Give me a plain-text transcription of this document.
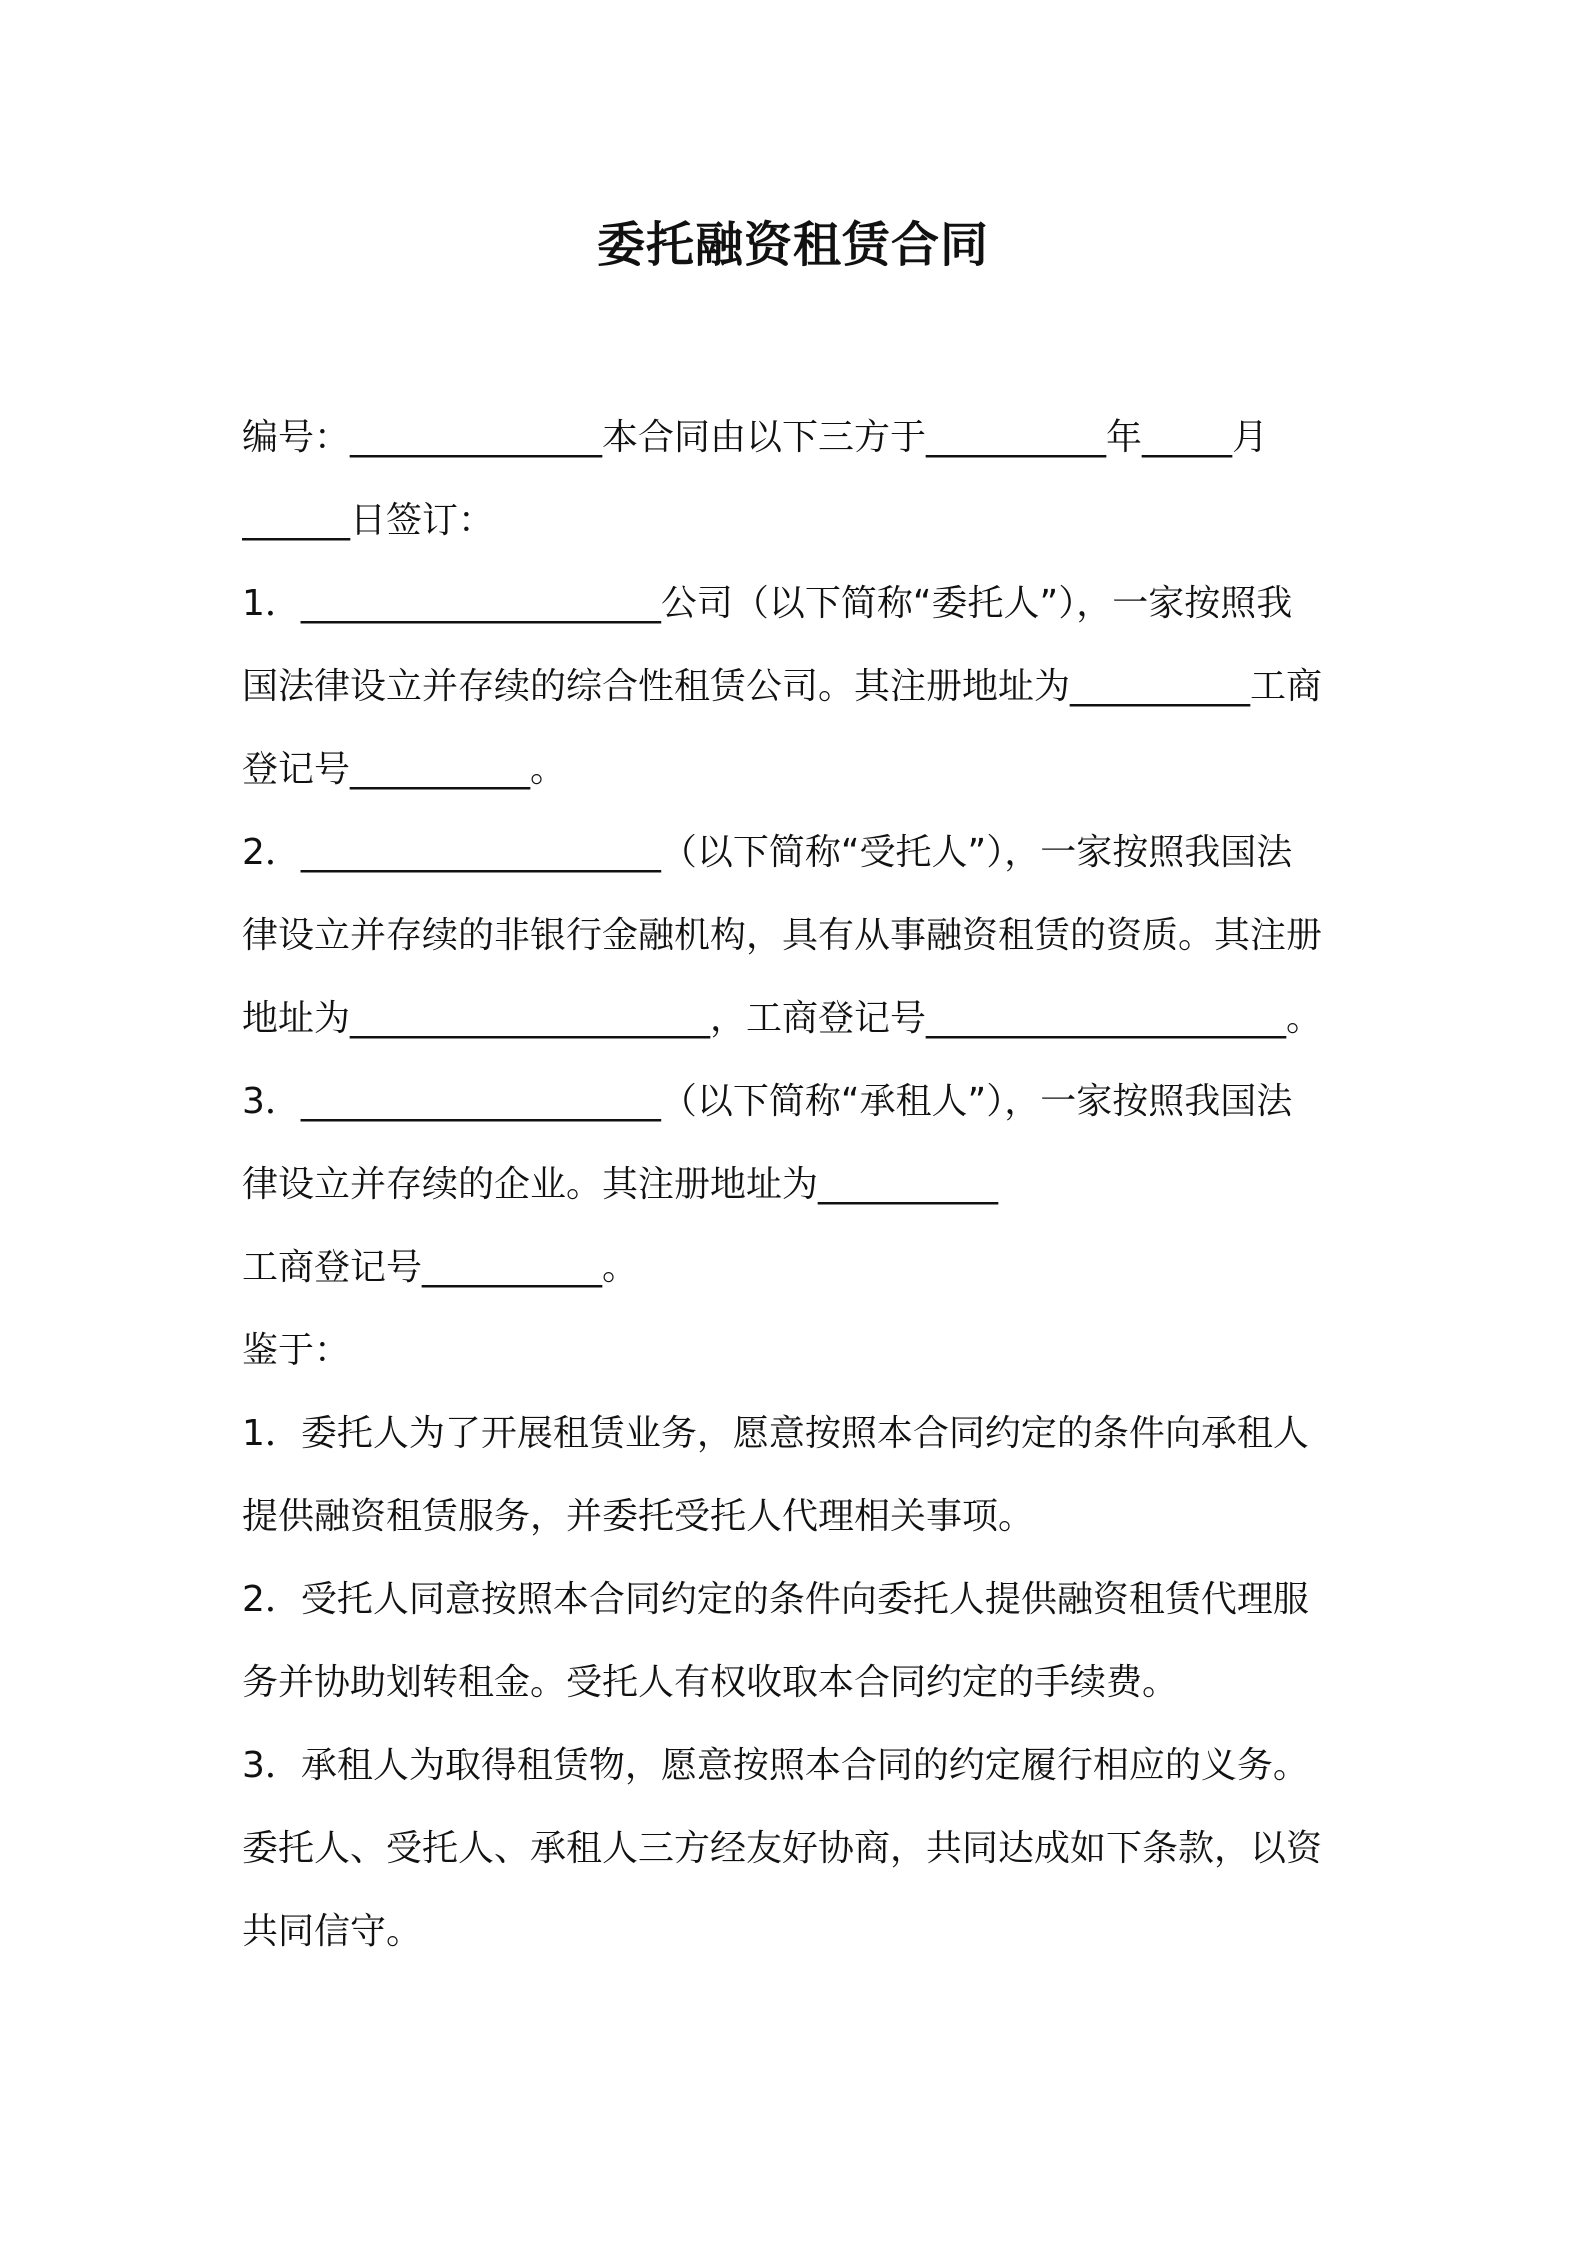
委托融资租赁合同

编号：______________本合同由以下三方于__________年_____月

______日签订：

1．____________________公司（以下简称“委托人”），一家按照我

国法律设立并存续的综合性租赁公司。其注册地址为__________工商

登记号__________。

2．____________________（以下简称“受托人”），一家按照我国法

律设立并存续的非银行金融机构，具有从事融资租赁的资质。其注册

地址为____________________，工商登记号____________________。

3．____________________（以下简称“承租人”），一家按照我国法

律设立并存续的企业。其注册地址为__________

工商登记号__________。

鉴于：

1．委托人为了开展租赁业务，愿意按照本合同约定的条件向承租人

提供融资租赁服务，并委托受托人代理相关事项。

2．受托人同意按照本合同约定的条件向委托人提供融资租赁代理服

务并协助划转租金。受托人有权收取本合同约定的手续费。

3．承租人为取得租赁物，愿意按照本合同的约定履行相应的义务。

委托人、受托人、承租人三方经友好协商，共同达成如下条款，以资

共同信守。
